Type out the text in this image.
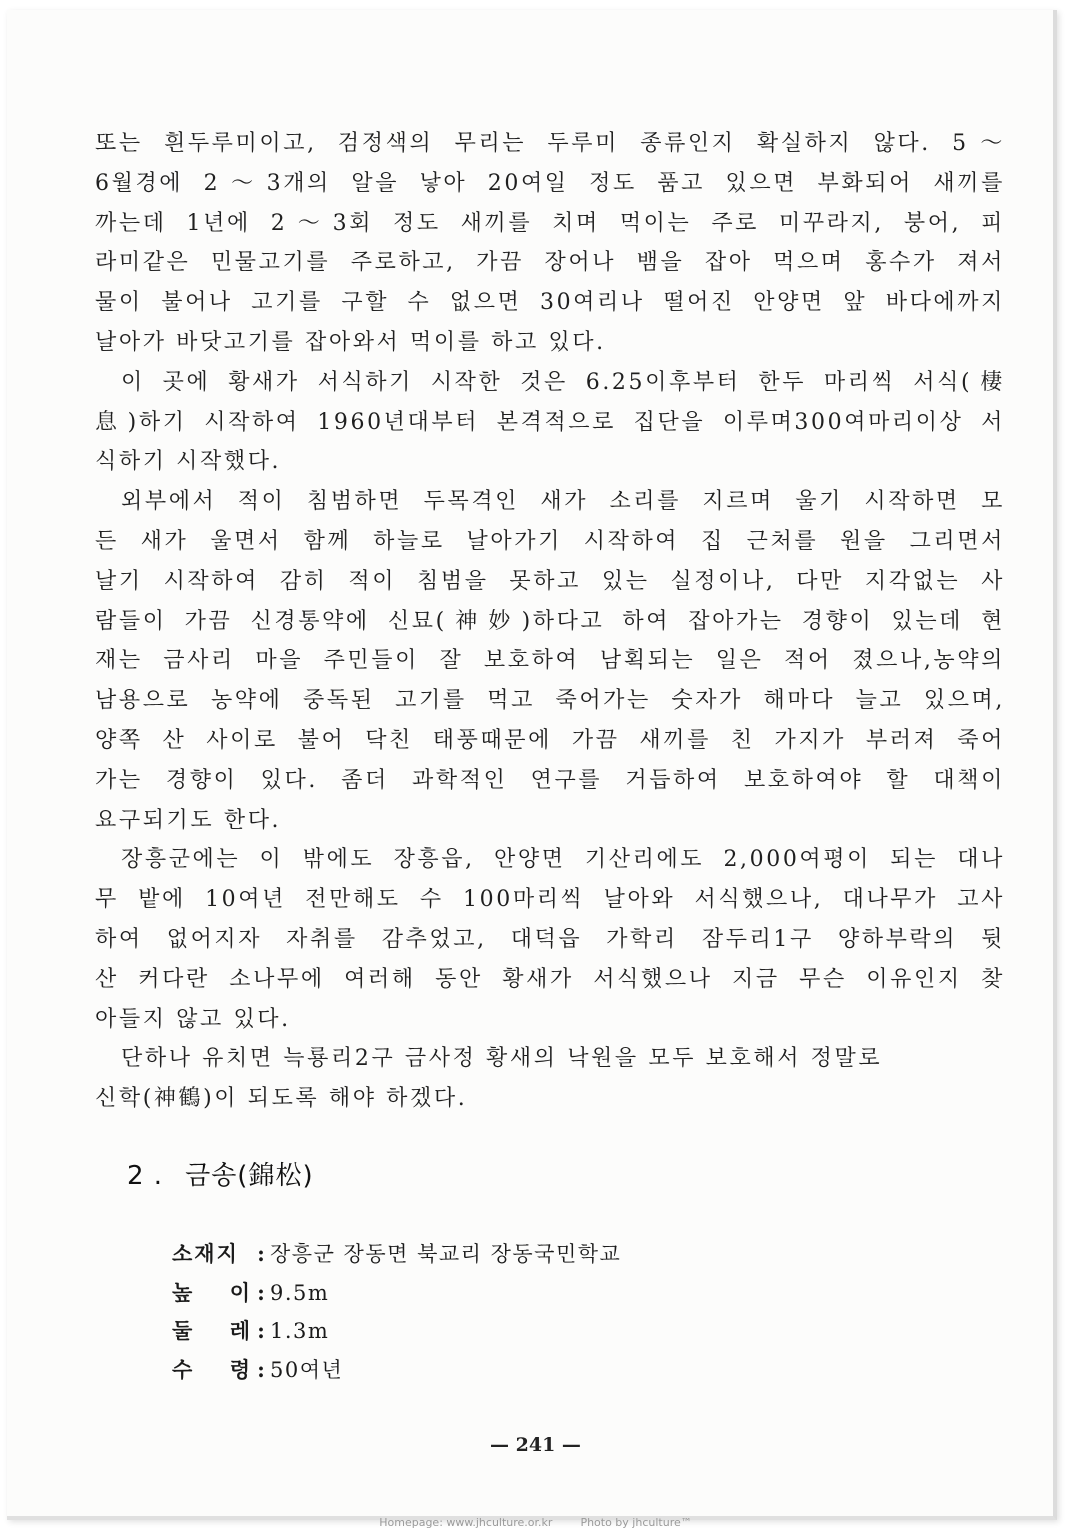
또는 흰두루미이고, 검정색의 무리는 두루미 종류인지 확실하지 않다. 5～
6월경에 2～3개의 알을 낳아 20여일 정도 품고 있으면 부화되어 새끼를
까는데 1년에 2～3회 정도 새끼를 치며 먹이는 주로 미꾸라지, 붕어, 피
라미같은 민물고기를 주로하고, 가끔 장어나 뱀을 잡아 먹으며 홍수가 져서
물이 불어나 고기를 구할 수 없으면 30여리나 떨어진 안양면 앞 바다에까지
날아가 바닷고기를 잡아와서 먹이를 하고 있다.
이 곳에 황새가 서식하기 시작한 것은 6.25이후부터 한두 마리씩 서식(棲
息)하기 시작하여 1960년대부터 본격적으로 집단을 이루며300여마리이상 서
식하기 시작했다.
외부에서 적이 침범하면 두목격인 새가 소리를 지르며 울기 시작하면 모
든 새가 울면서 함께 하늘로 날아가기 시작하여 집 근처를 원을 그리면서
날기 시작하여 감히 적이 침범을 못하고 있는 실정이나, 다만 지각없는 사
람들이 가끔 신경통약에 신묘(神妙)하다고 하여 잡아가는 경향이 있는데 현
재는 금사리 마을 주민들이 잘 보호하여 남획되는 일은 적어 졌으나,농약의
남용으로 농약에 중독된 고기를 먹고 죽어가는 숫자가 해마다 늘고 있으며,
양쪽 산 사이로 불어 닥친 태풍때문에 가끔 새끼를 친 가지가 부러져 죽어
가는 경향이 있다. 좀더 과학적인 연구를 거듭하여 보호하여야 할 대책이
요구되기도 한다.
장흥군에는 이 밖에도 장흥읍, 안양면 기산리에도 2,000여평이 되는 대나
무 밭에 10여년 전만해도 수 100마리씩 날아와 서식했으나, 대나무가 고사
하여 없어지자 자취를 감추었고, 대덕읍 가학리 잠두리1구 양하부락의 뒷
산 커다란 소나무에 여러해 동안 황새가 서식했으나 지금 무슨 이유인지 찾
아들지 않고 있다.
단하나 유치면 늑룡리2구 금사정 황새의 낙원을 모두 보호해서 정말로
신학(神鶴)이 되도록 해야 하겠다.
2 . 금송(錦松)
소재지 : 장흥군 장동면 북교리 장동국민학교
높 이 : 9.5m
둘 레 : 1.3m
수 령 : 50여년
— 241 —
Homepage: www.jhculture.or.kr	Photo by jhculture™
